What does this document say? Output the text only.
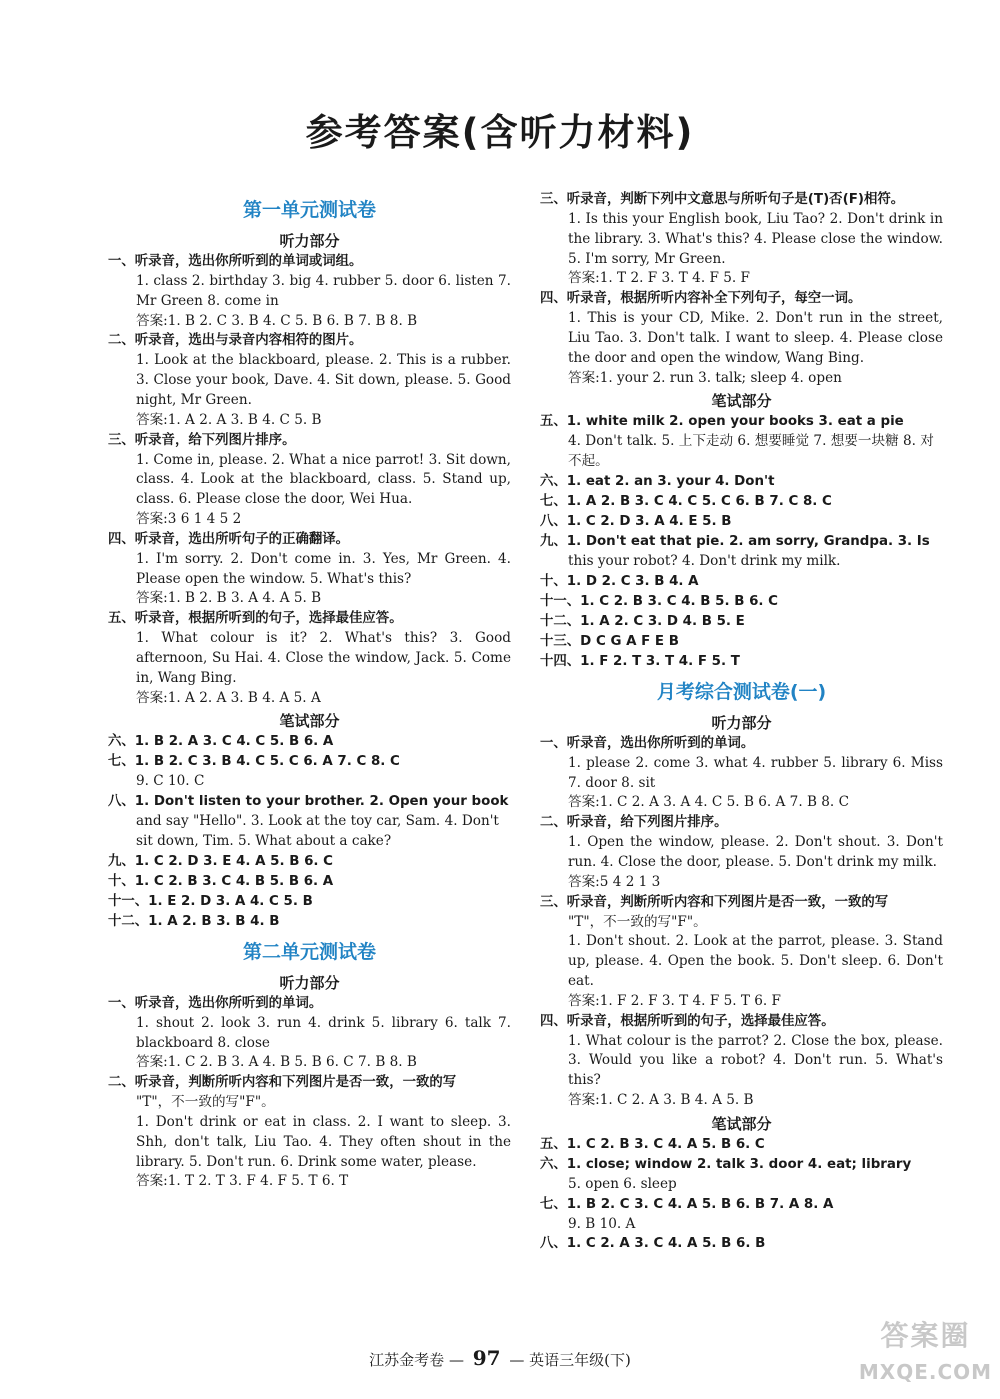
参考答案(含听力材料)
第一单元测试卷
听力部分
一、听录音，选出你所听到的单词或词组。
1. class 2. birthday 3. big 4. rubber 5. door 6. listen 7. Mr Green 8. come in
答案:1. B 2. C 3. B 4. C 5. B 6. B 7. B 8. B
二、听录音，选出与录音内容相符的图片。
1. Look at the blackboard, please. 2. This is a rubber. 3. Close your book, Dave. 4. Sit down, please. 5. Good night, Mr Green.
答案:1. A 2. A 3. B 4. C 5. B
三、听录音，给下列图片排序。
1. Come in, please. 2. What a nice parrot! 3. Sit down, class. 4. Look at the blackboard, class. 5. Stand up, class. 6. Please close the door, Wei Hua.
答案:3 6 1 4 5 2
四、听录音，选出所听句子的正确翻译。
1. I'm sorry. 2. Don't come in. 3. Yes, Mr Green. 4. Please open the window. 5. What's this?
答案:1. B 2. B 3. A 4. A 5. B
五、听录音，根据所听到的句子，选择最佳应答。
1. What colour is it? 2. What's this? 3. Good afternoon, Su Hai. 4. Close the window, Jack. 5. Come in, Wang Bing.
答案:1. A 2. A 3. B 4. A 5. A
笔试部分
六、1. B 2. A 3. C 4. C 5. B 6. A
七、1. B 2. C 3. B 4. C 5. C 6. A 7. C 8. C
9. C 10. C
八、1. Don't listen to your brother. 2. Open your book
and say "Hello". 3. Look at the toy car, Sam. 4. Don't sit down, Tim. 5. What about a cake?
九、1. C 2. D 3. E 4. A 5. B 6. C
十、1. C 2. B 3. C 4. B 5. B 6. A
十一、1. E 2. D 3. A 4. C 5. B
十二、1. A 2. B 3. B 4. B
第二单元测试卷
听力部分
一、听录音，选出你所听到的单词。
1. shout 2. look 3. run 4. drink 5. library 6. talk 7. blackboard 8. close
答案:1. C 2. B 3. A 4. B 5. B 6. C 7. B 8. B
二、听录音，判断所听内容和下列图片是否一致，一致的写
"T"，不一致的写"F"。
1. Don't drink or eat in class. 2. I want to sleep. 3. Shh, don't talk, Liu Tao. 4. They often shout in the library. 5. Don't run. 6. Drink some water, please.
答案:1. T 2. T 3. F 4. F 5. T 6. T
三、听录音，判断下列中文意思与所听句子是(T)否(F)相符。
1. Is this your English book, Liu Tao? 2. Don't drink in the library. 3. What's this? 4. Please close the window. 5. I'm sorry, Mr Green.
答案:1. T 2. F 3. T 4. F 5. F
四、听录音，根据所听内容补全下列句子，每空一词。
1. This is your CD, Mike. 2. Don't run in the street, Liu Tao. 3. Don't talk. I want to sleep. 4. Please close the door and open the window, Wang Bing.
答案:1. your 2. run 3. talk; sleep 4. open
笔试部分
五、1. white milk 2. open your books 3. eat a pie
4. Don't talk. 5. 上下走动 6. 想要睡觉 7. 想要一块糖 8. 对不起。
六、1. eat 2. an 3. your 4. Don't
七、1. A 2. B 3. C 4. C 5. C 6. B 7. C 8. C
八、1. C 2. D 3. A 4. E 5. B
九、1. Don't eat that pie. 2. am sorry, Grandpa. 3. Is
this your robot? 4. Don't drink my milk.
十、1. D 2. C 3. B 4. A
十一、1. C 2. B 3. C 4. B 5. B 6. C
十二、1. A 2. C 3. D 4. B 5. E
十三、D C G A F E B
十四、1. F 2. T 3. T 4. F 5. T
月考综合测试卷(一)
听力部分
一、听录音，选出你所听到的单词。
1. please 2. come 3. what 4. rubber 5. library 6. Miss 7. door 8. sit
答案:1. C 2. A 3. A 4. C 5. B 6. A 7. B 8. C
二、听录音，给下列图片排序。
1. Open the window, please. 2. Don't shout. 3. Don't run. 4. Close the door, please. 5. Don't drink my milk.
答案:5 4 2 1 3
三、听录音，判断所听内容和下列图片是否一致，一致的写
"T"，不一致的写"F"。
1. Don't shout. 2. Look at the parrot, please. 3. Stand up, please. 4. Open the book. 5. Don't sleep. 6. Don't eat.
答案:1. F 2. F 3. T 4. F 5. T 6. F
四、听录音，根据所听到的句子，选择最佳应答。
1. What colour is the parrot? 2. Close the box, please. 3. Would you like a robot? 4. Don't run. 5. What's this?
答案:1. C 2. A 3. B 4. A 5. B
笔试部分
五、1. C 2. B 3. C 4. A 5. B 6. C
六、1. close; window 2. talk 3. door 4. eat; library
5. open 6. sleep
七、1. B 2. C 3. C 4. A 5. B 6. B 7. A 8. A
9. B 10. A
八、1. C 2. A 3. C 4. A 5. B 6. B
江苏金考卷 — 97 — 英语三年级(下)
答案圈
MXQE.COM
